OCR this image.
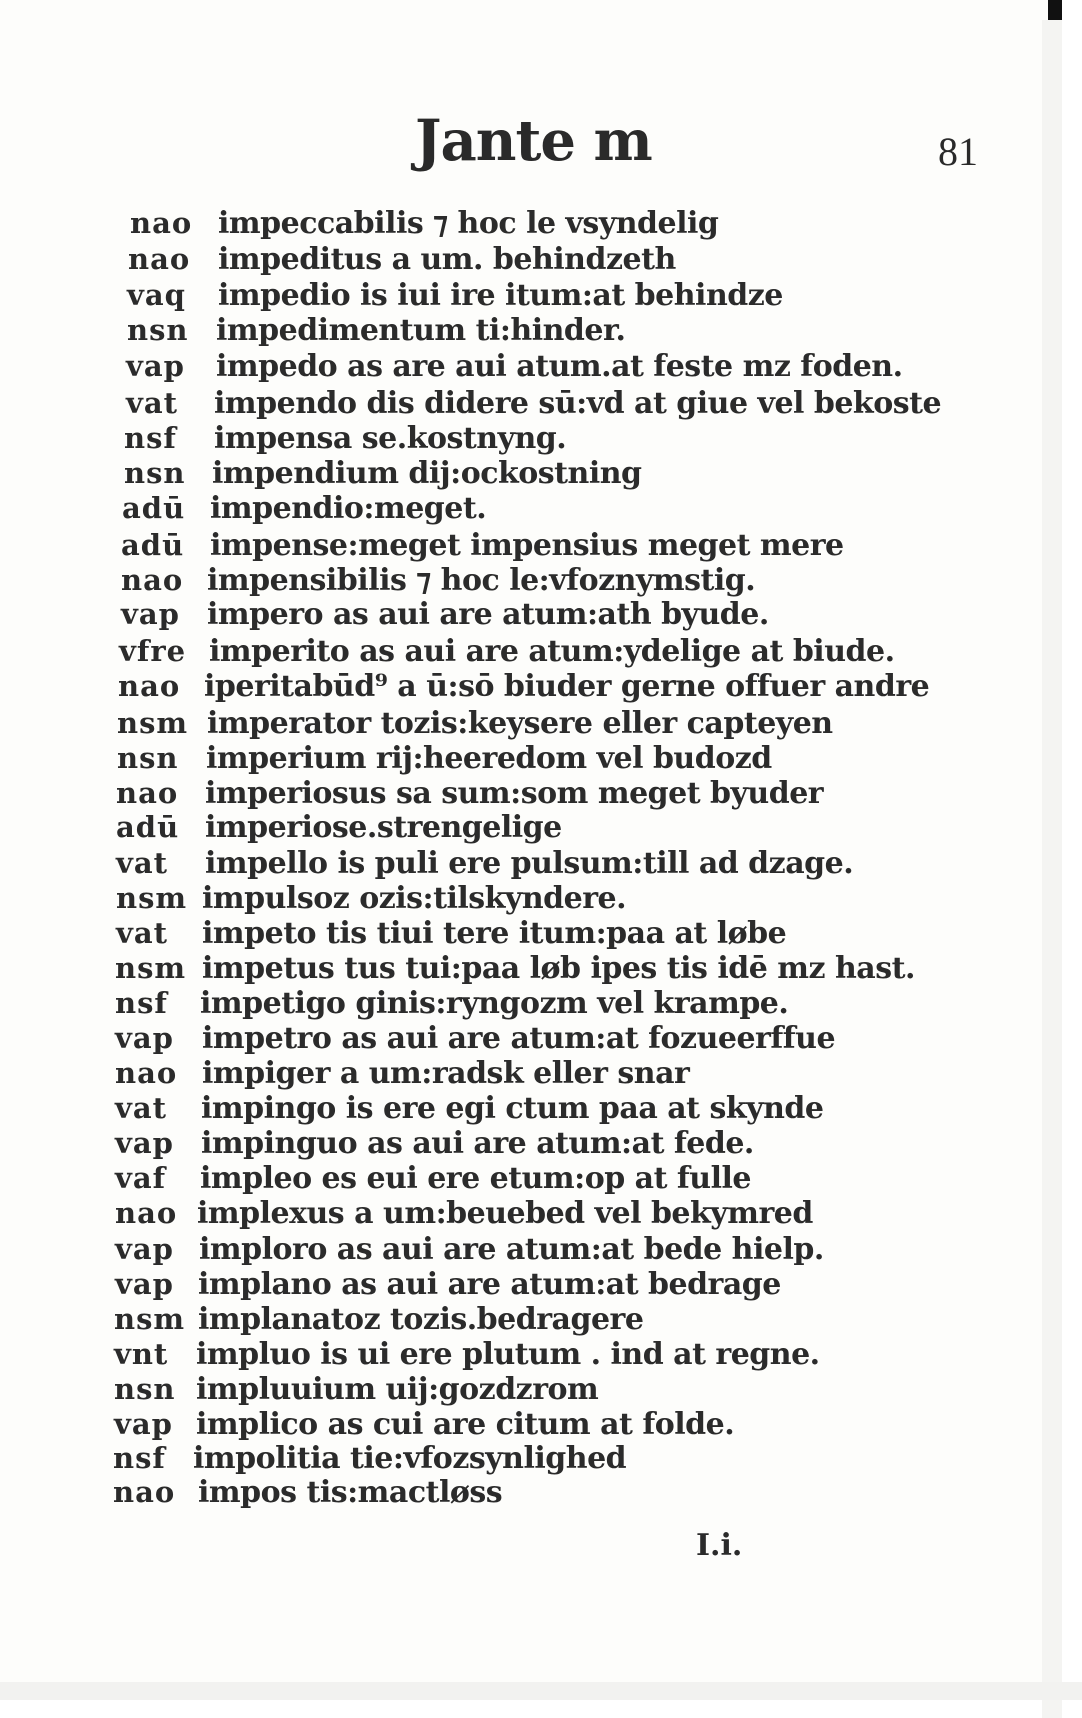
Jante m	81
nao impeccabilis ⁊ hoc le vsyndelig
nao impeditus a um. behindzeth
vaq impedio is iui ire itum:at behindze
nsn impedimentum ti:hinder.
vap impedo as are aui atum.at feste mz foden.
vat impendo dis didere sū:vd at giue vel bekoste
nsf impensa se.kostnyng.
nsn impendium dij:ockostning
adū impendio:meget.
adū impense:meget impensius meget mere
nao impensibilis ⁊ hoc le:vfoznymstig.
vap impero as aui are atum:ath byude.
vfre imperito as aui are atum:ydelige at biude.
nao iperitabūd⁹ a ū:sō biuder gerne offuer andre
nsm imperator tozis:keysere eller capteyen
nsn imperium rij:heeredom vel budozd
nao imperiosus sa sum:som meget byuder
adū imperiose.strengelige
vat impello is puli ere pulsum:till ad dzage.
nsm impulsoz ozis:tilskyndere.
vat impeto tis tiui tere itum:paa at løbe
nsm impetus tus tui:paa løb ipes tis idē mz hast.
nsf impetigo ginis:ryngozm vel krampe.
vap impetro as aui are atum:at fozueerffue
nao impiger a um:radsk eller snar
vat impingo is ere egi ctum paa at skynde
vap impinguo as aui are atum:at fede.
vaf impleo es eui ere etum:op at fulle
nao implexus a um:beuebed vel bekymred
vap imploro as aui are atum:at bede hielp.
vap implano as aui are atum:at bedrage
nsm implanatoz tozis.bedragere
vnt impluo is ui ere plutum . ind at regne.
nsn impluuium uij:gozdzrom
vap implico as cui are citum at folde.
nsf impolitia tie:vfozsynlighed
nao impos tis:mactløss
I.i.
